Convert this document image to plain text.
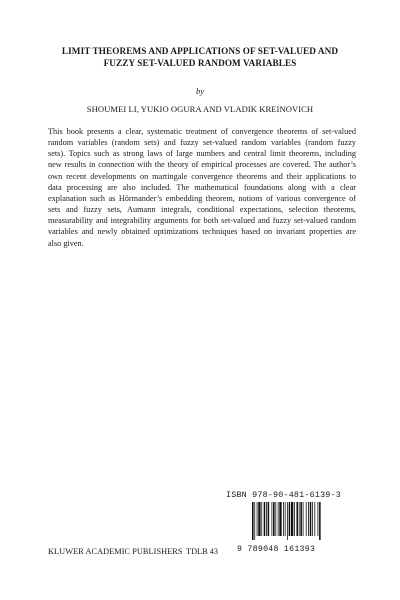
LIMIT THEOREMS AND APPLICATIONS OF SET-VALUED AND
FUZZY SET-VALUED RANDOM VARIABLES
by
SHOUMEI LI, YUKIO OGURA AND VLADIK KREINOVICH
This book presents a clear, systematic treatment of convergence theorems of set-valued
random variables (random sets) and fuzzy set-valued random variables (random fuzzy
sets). Topics such as strong laws of large numbers and central limit theorems, including
new results in connection with the theory of empirical processes are covered. The author’s
own recent developments on martingale convergence theorems and their applications to
data processing are also included. The mathematical foundations along with a clear
explanation such as Hörmander’s embedding theorem, notions of various convergence of
sets and fuzzy sets, Aumann integrals, conditional expectations, selection theorems,
measurability and integrability arguments for both set-valued and fuzzy set-valued random
variables and newly obtained optimizations techniques based on invariant properties are
also given.
ISBN 978-90-481-6139-3
9 789048 161393
KLUWER ACADEMIC PUBLISHERS TDLB 43
